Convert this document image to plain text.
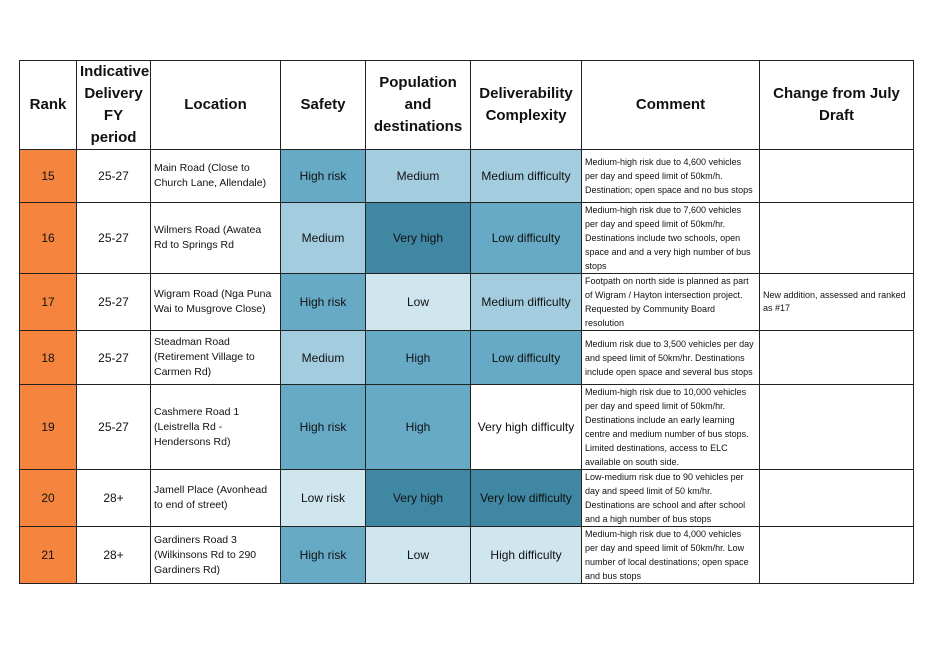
Rank	Indicative Delivery FY period	Location	Safety	Population and destinations	Deliverability Complexity	Comment	Change from July Draft
15	25-27	Main Road (Close to Church Lane, Allendale)	High risk	Medium	Medium difficulty	Medium-high risk due to 4,600 vehicles per day and speed limit of 50km/h. Destination; open space and no bus stops	
16	25-27	Wilmers Road (Awatea Rd to Springs Rd	Medium	Very high	Low difficulty	Medium-high risk due to 7,600 vehicles per day and speed limit of 50km/hr. Destinations include two schools, open space and and a very high number of bus stops	
17	25-27	Wigram Road (Nga Puna Wai to Musgrove Close)	High risk	Low	Medium difficulty	Footpath on north side is planned as part of Wigram / Hayton intersection project. Requested by Community Board resolution	New addition, assessed and ranked as #17
18	25-27	Steadman Road (Retirement Village to Carmen Rd)	Medium	High	Low difficulty	Medium risk due to 3,500 vehicles per day and speed limit of 50km/hr. Destinations include open space and several bus stops	
19	25-27	Cashmere Road 1 (Leistrella Rd - Hendersons Rd)	High risk	High	Very high difficulty	Medium-high risk due to 10,000 vehicles per day and speed limit of 50km/hr. Destinations include an early learning centre and medium number of bus stops. Limited destinations, access to ELC available on south side.	
20	28+	Jamell Place (Avonhead to end of street)	Low risk	Very high	Very low difficulty	Low-medium risk due to 90 vehicles per day and speed limit of 50 km/hr. Destinations are school and after school and a high number of bus stops	
21	28+	Gardiners Road 3 (Wilkinsons Rd to 290 Gardiners Rd)	High risk	Low	High difficulty	Medium-high risk due to 4,000 vehicles per day and speed limit of 50km/hr. Low number of local destinations; open space and bus stops	
